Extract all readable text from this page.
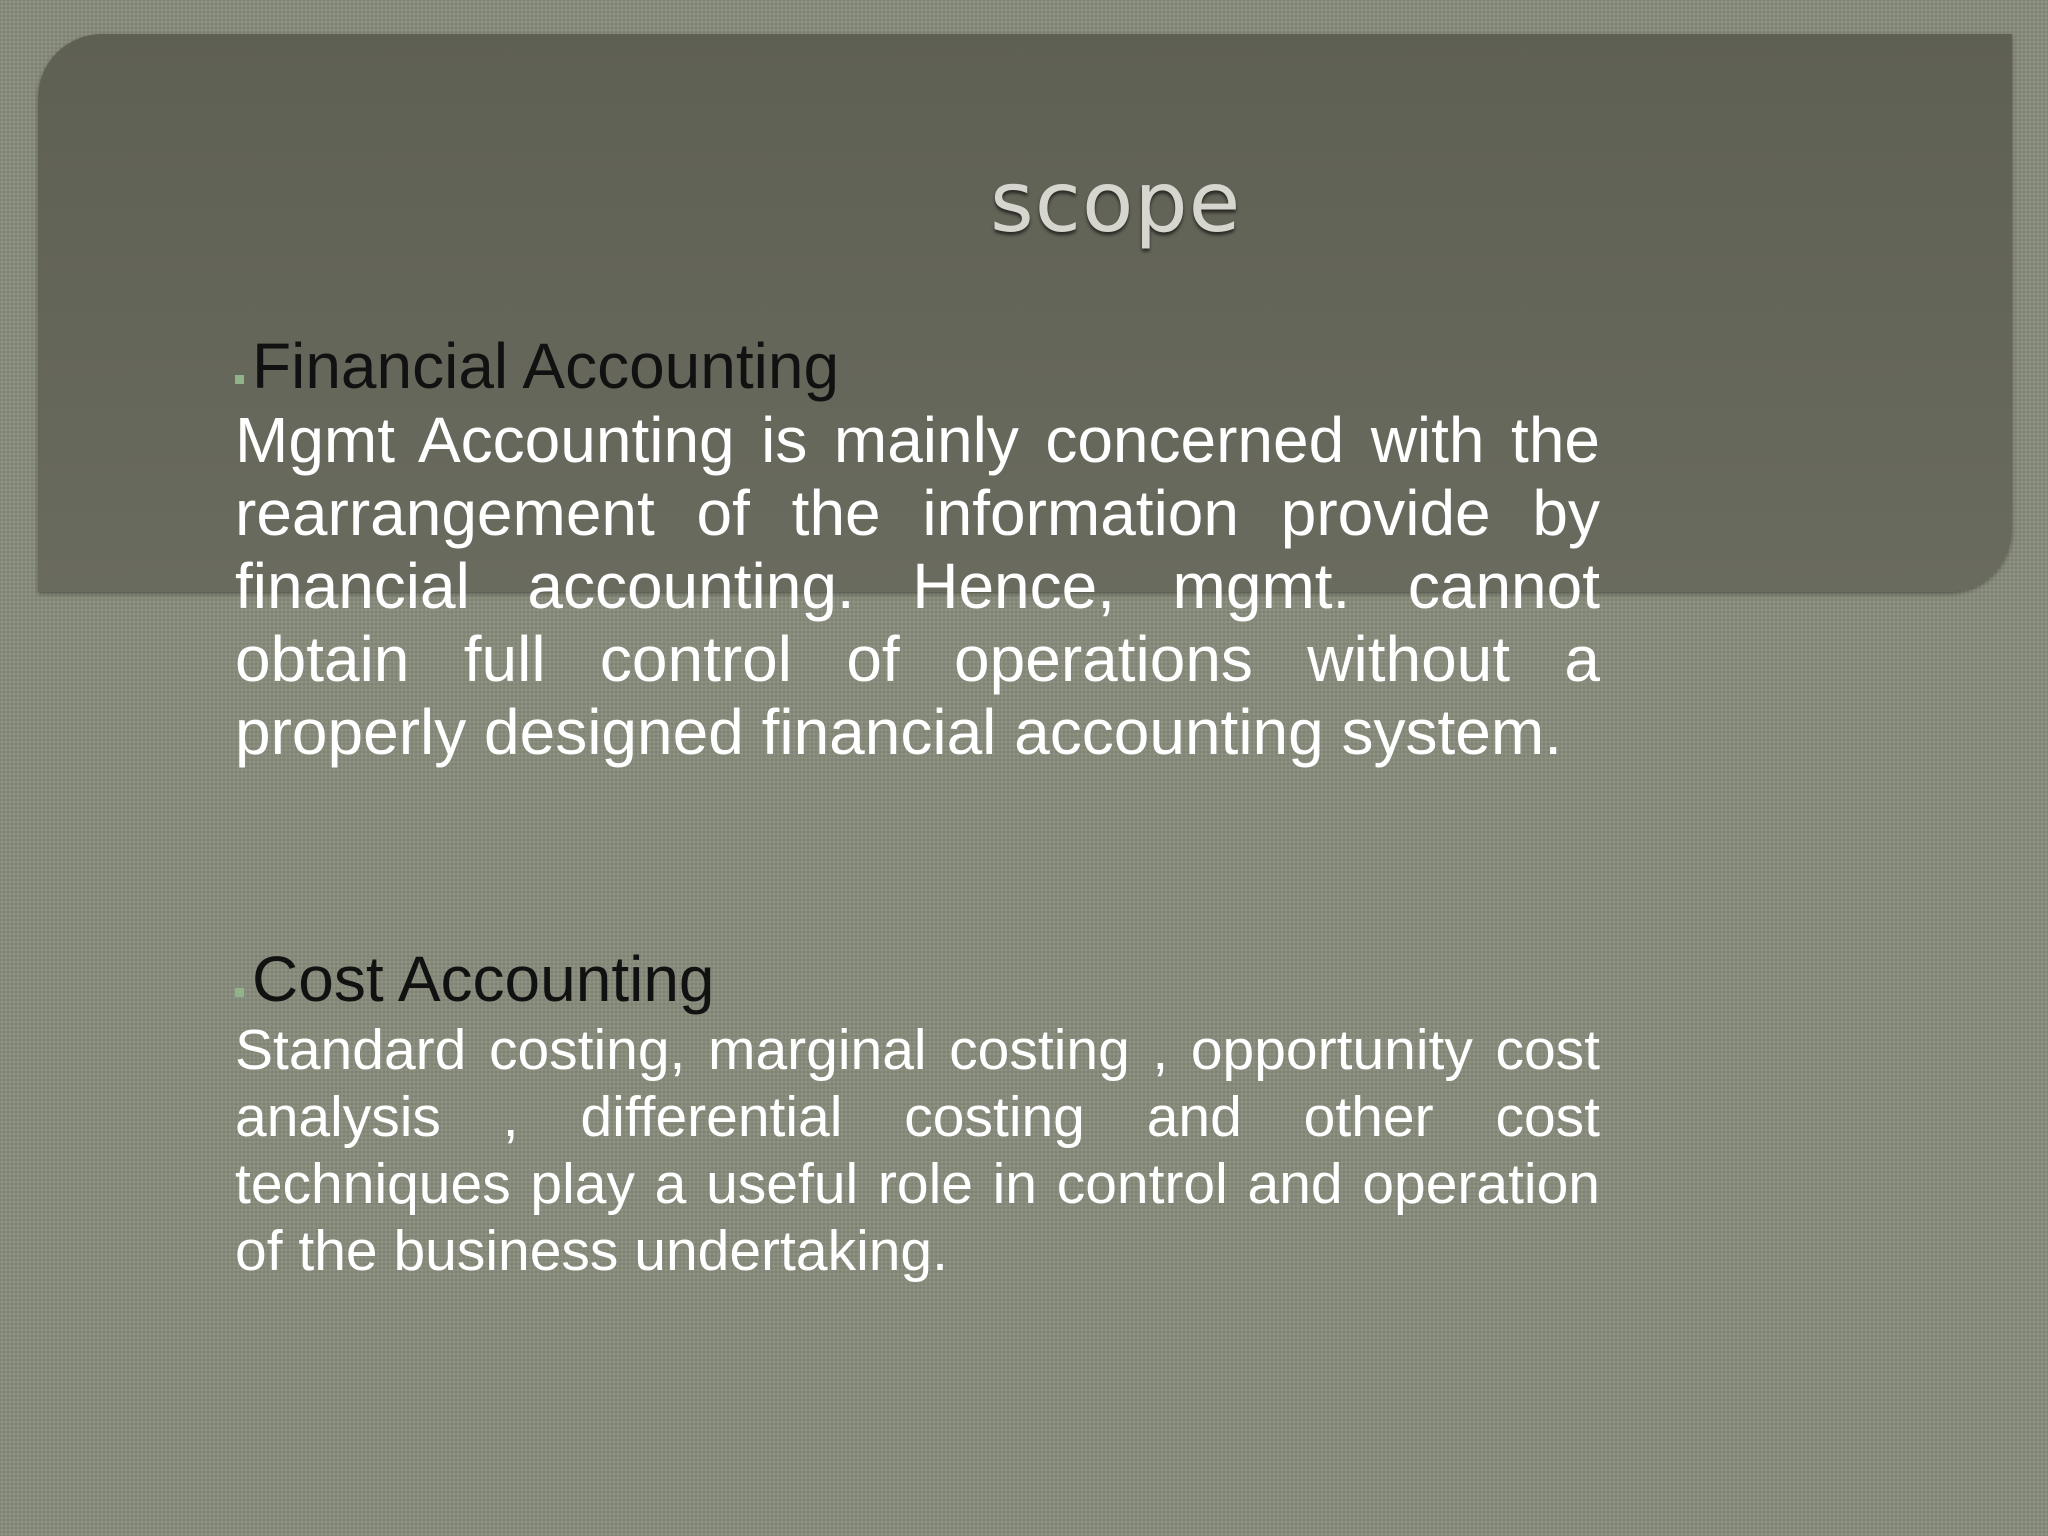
scope

Financial Accounting

Mgmt Accounting is mainly concerned with the rearrangement of the information provide by financial accounting. Hence, mgmt. cannot obtain full control of operations without a properly designed financial accounting system.

Cost Accounting

Standard costing, marginal costing , opportunity cost analysis , differential costing and other cost techniques play a useful role in control and operation of the business undertaking.
